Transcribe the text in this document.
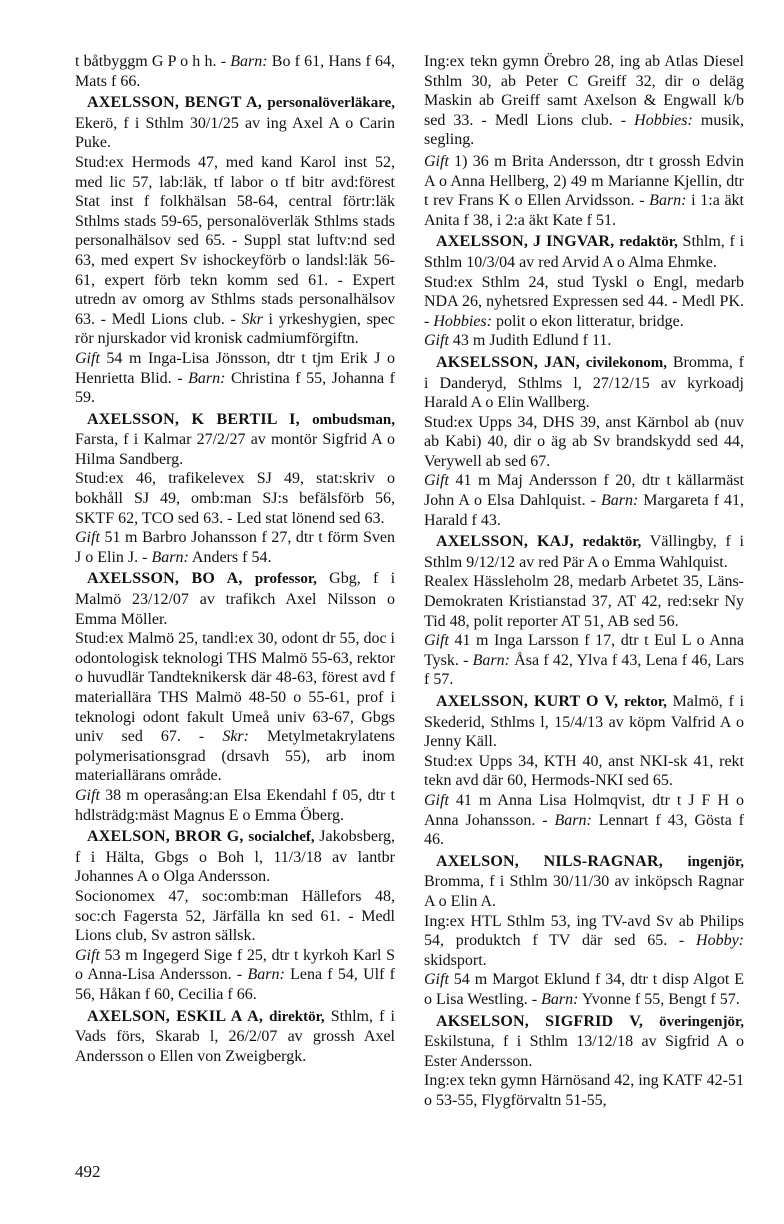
t båtbyggm G P o h h. - Barn: Bo f 61, Hans f 64, Mats f 66.

AXELSSON, BENGT A, personalöverläkare, Ekerö, f i Sthlm 30/1/25 av ing Axel A o Carin Puke.

Stud:ex Hermods 47, med kand Karol inst 52, med lic 57, lab:läk, tf labor o tf bitr avd:förest Stat inst f folkhälsan 58-64, central förtr:läk Sthlms stads 59-65, personalöverläk Sthlms stads personalhälsov sed 65. - Suppl stat luftv:nd sed 63, med expert Sv ishockeyförb o landsl:läk 56-61, expert förb tekn komm sed 61. - Expert utredn av omorg av Sthlms stads personalhälsov 63. - Medl Lions club. - Skr i yrkeshygien, spec rör njurskador vid kronisk cadmiumförgiftn.

Gift 54 m Inga-Lisa Jönsson, dtr t tjm Erik J o Henrietta Blid. - Barn: Christina f 55, Johanna f 59.

AXELSSON, K BERTIL I, ombudsman, Farsta, f i Kalmar 27/2/27 av montör Sigfrid A o Hilma Sandberg.

Stud:ex 46, trafikelevex SJ 49, stat:skriv o bokhåll SJ 49, omb:man SJ:s befälsförb 56, SKTF 62, TCO sed 63. - Led stat lönend sed 63.

Gift 51 m Barbro Johansson f 27, dtr t förm Sven J o Elin J. - Barn: Anders f 54.

AXELSSON, BO A, professor, Gbg, f i Malmö 23/12/07 av trafikch Axel Nilsson o Emma Möller.

Stud:ex Malmö 25, tandl:ex 30, odont dr 55, doc i odontologisk teknologi THS Malmö 55-63, rektor o huvudlär Tandteknikersk där 48-63, förest avd f materiallära THS Malmö 48-50 o 55-61, prof i teknologi odont fakult Umeå univ 63-67, Gbgs univ sed 67. - Skr: Metylmetakrylatens polymerisationsgrad (drsavh 55), arb inom materiallärans område.

Gift 38 m operasång:an Elsa Ekendahl f 05, dtr t hdlsträdg:mäst Magnus E o Emma Öberg.

AXELSON, BROR G, socialchef, Jakobsberg, f i Hälta, Gbgs o Boh l, 11/3/18 av lantbr Johannes A o Olga Andersson.

Socionomex 47, soc:omb:man Hällefors 48, soc:ch Fagersta 52, Järfälla kn sed 61. - Medl Lions club, Sv astron sällsk.

Gift 53 m Ingegerd Sige f 25, dtr t kyrkoh Karl S o Anna-Lisa Andersson. - Barn: Lena f 54, Ulf f 56, Håkan f 60, Cecilia f 66.

AXELSON, ESKIL A A, direktör, Sthlm, f i Vads förs, Skarab l, 26/2/07 av grossh Axel Andersson o Ellen von Zweigbergk.

Ing:ex tekn gymn Örebro 28, ing ab Atlas Diesel Sthlm 30, ab Peter C Greiff 32, dir o deläg Maskin ab Greiff samt Axelson & Engwall k/b sed 33. - Medl Lions club. - Hobbies: musik, segling.

Gift 1) 36 m Brita Andersson, dtr t grossh Edvin A o Anna Hellberg, 2) 49 m Marianne Kjellin, dtr t rev Frans K o Ellen Arvidsson. - Barn: i 1:a äkt Anita f 38, i 2:a äkt Kate f 51.

AXELSSON, J INGVAR, redaktör, Sthlm, f i Sthlm 10/3/04 av red Arvid A o Alma Ehmke.

Stud:ex Sthlm 24, stud Tyskl o Engl, medarb NDA 26, nyhetsred Expressen sed 44. - Medl PK. - Hobbies: polit o ekon litteratur, bridge.

Gift 43 m Judith Edlund f 11.

AKSELSSON, JAN, civilekonom, Bromma, f i Danderyd, Sthlms l, 27/12/15 av kyrkoadj Harald A o Elin Wallberg.

Stud:ex Upps 34, DHS 39, anst Kärnbol ab (nuv ab Kabi) 40, dir o äg ab Sv brandskydd sed 44, Verywell ab sed 67.

Gift 41 m Maj Andersson f 20, dtr t källarmäst John A o Elsa Dahlquist. - Barn: Margareta f 41, Harald f 43.

AXELSSON, KAJ, redaktör, Vällingby, f i Sthlm 9/12/12 av red Pär A o Emma Wahlquist.

Realex Hässleholm 28, medarb Arbetet 35, Läns-Demokraten Kristianstad 37, AT 42, red:sekr Ny Tid 48, polit reporter AT 51, AB sed 56.

Gift 41 m Inga Larsson f 17, dtr t Eul L o Anna Tysk. - Barn: Åsa f 42, Ylva f 43, Lena f 46, Lars f 57.

AXELSSON, KURT O V, rektor, Malmö, f i Skederid, Sthlms l, 15/4/13 av köpm Valfrid A o Jenny Käll.

Stud:ex Upps 34, KTH 40, anst NKI-sk 41, rekt tekn avd där 60, Hermods-NKI sed 65.

Gift 41 m Anna Lisa Holmqvist, dtr t J F H o Anna Johansson. - Barn: Lennart f 43, Gösta f 46.

AXELSON, NILS-RAGNAR, ingenjör, Bromma, f i Sthlm 30/11/30 av inköpsch Ragnar A o Elin A.

Ing:ex HTL Sthlm 53, ing TV-avd Sv ab Philips 54, produktch f TV där sed 65. - Hobby: skidsport.

Gift 54 m Margot Eklund f 34, dtr t disp Algot E o Lisa Westling. - Barn: Yvonne f 55, Bengt f 57.

AKSELSON, SIGFRID V, överingenjör, Eskilstuna, f i Sthlm 13/12/18 av Sigfrid A o Ester Andersson.

Ing:ex tekn gymn Härnösand 42, ing KATF 42-51 o 53-55, Flygförvaltn 51-55,

492
